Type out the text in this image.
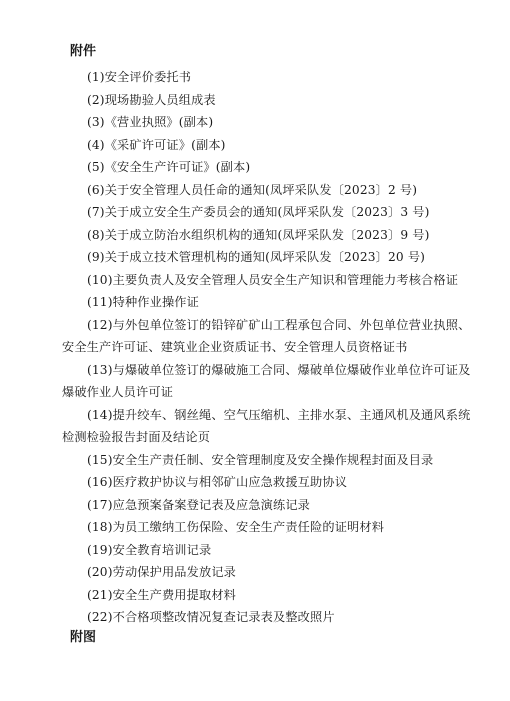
附件
(1)安全评价委托书
(2)现场勘验人员组成表
(3)《营业执照》(副本)
(4)《采矿许可证》(副本)
(5)《安全生产许可证》(副本)
(6)关于安全管理人员任命的通知(凤坪采队发〔2023〕2 号)
(7)关于成立安全生产委员会的通知(凤坪采队发〔2023〕3 号)
(8)关于成立防治水组织机构的通知(凤坪采队发〔2023〕9 号)
(9)关于成立技术管理机构的通知(凤坪采队发〔2023〕20 号)
(10)主要负责人及安全管理人员安全生产知识和管理能力考核合格证
(11)特种作业操作证
(12)与外包单位签订的铅锌矿矿山工程承包合同、外包单位营业执照、安全生产许可证、建筑业企业资质证书、安全管理人员资格证书
(13)与爆破单位签订的爆破施工合同、爆破单位爆破作业单位许可证及爆破作业人员许可证
(14)提升绞车、钢丝绳、空气压缩机、主排水泵、主通风机及通风系统检测检验报告封面及结论页
(15)安全生产责任制、安全管理制度及安全操作规程封面及目录
(16)医疗救护协议与相邻矿山应急救援互助协议
(17)应急预案备案登记表及应急演练记录
(18)为员工缴纳工伤保险、安全生产责任险的证明材料
(19)安全教育培训记录
(20)劳动保护用品发放记录
(21)安全生产费用提取材料
(22)不合格项整改情况复查记录表及整改照片
附图
